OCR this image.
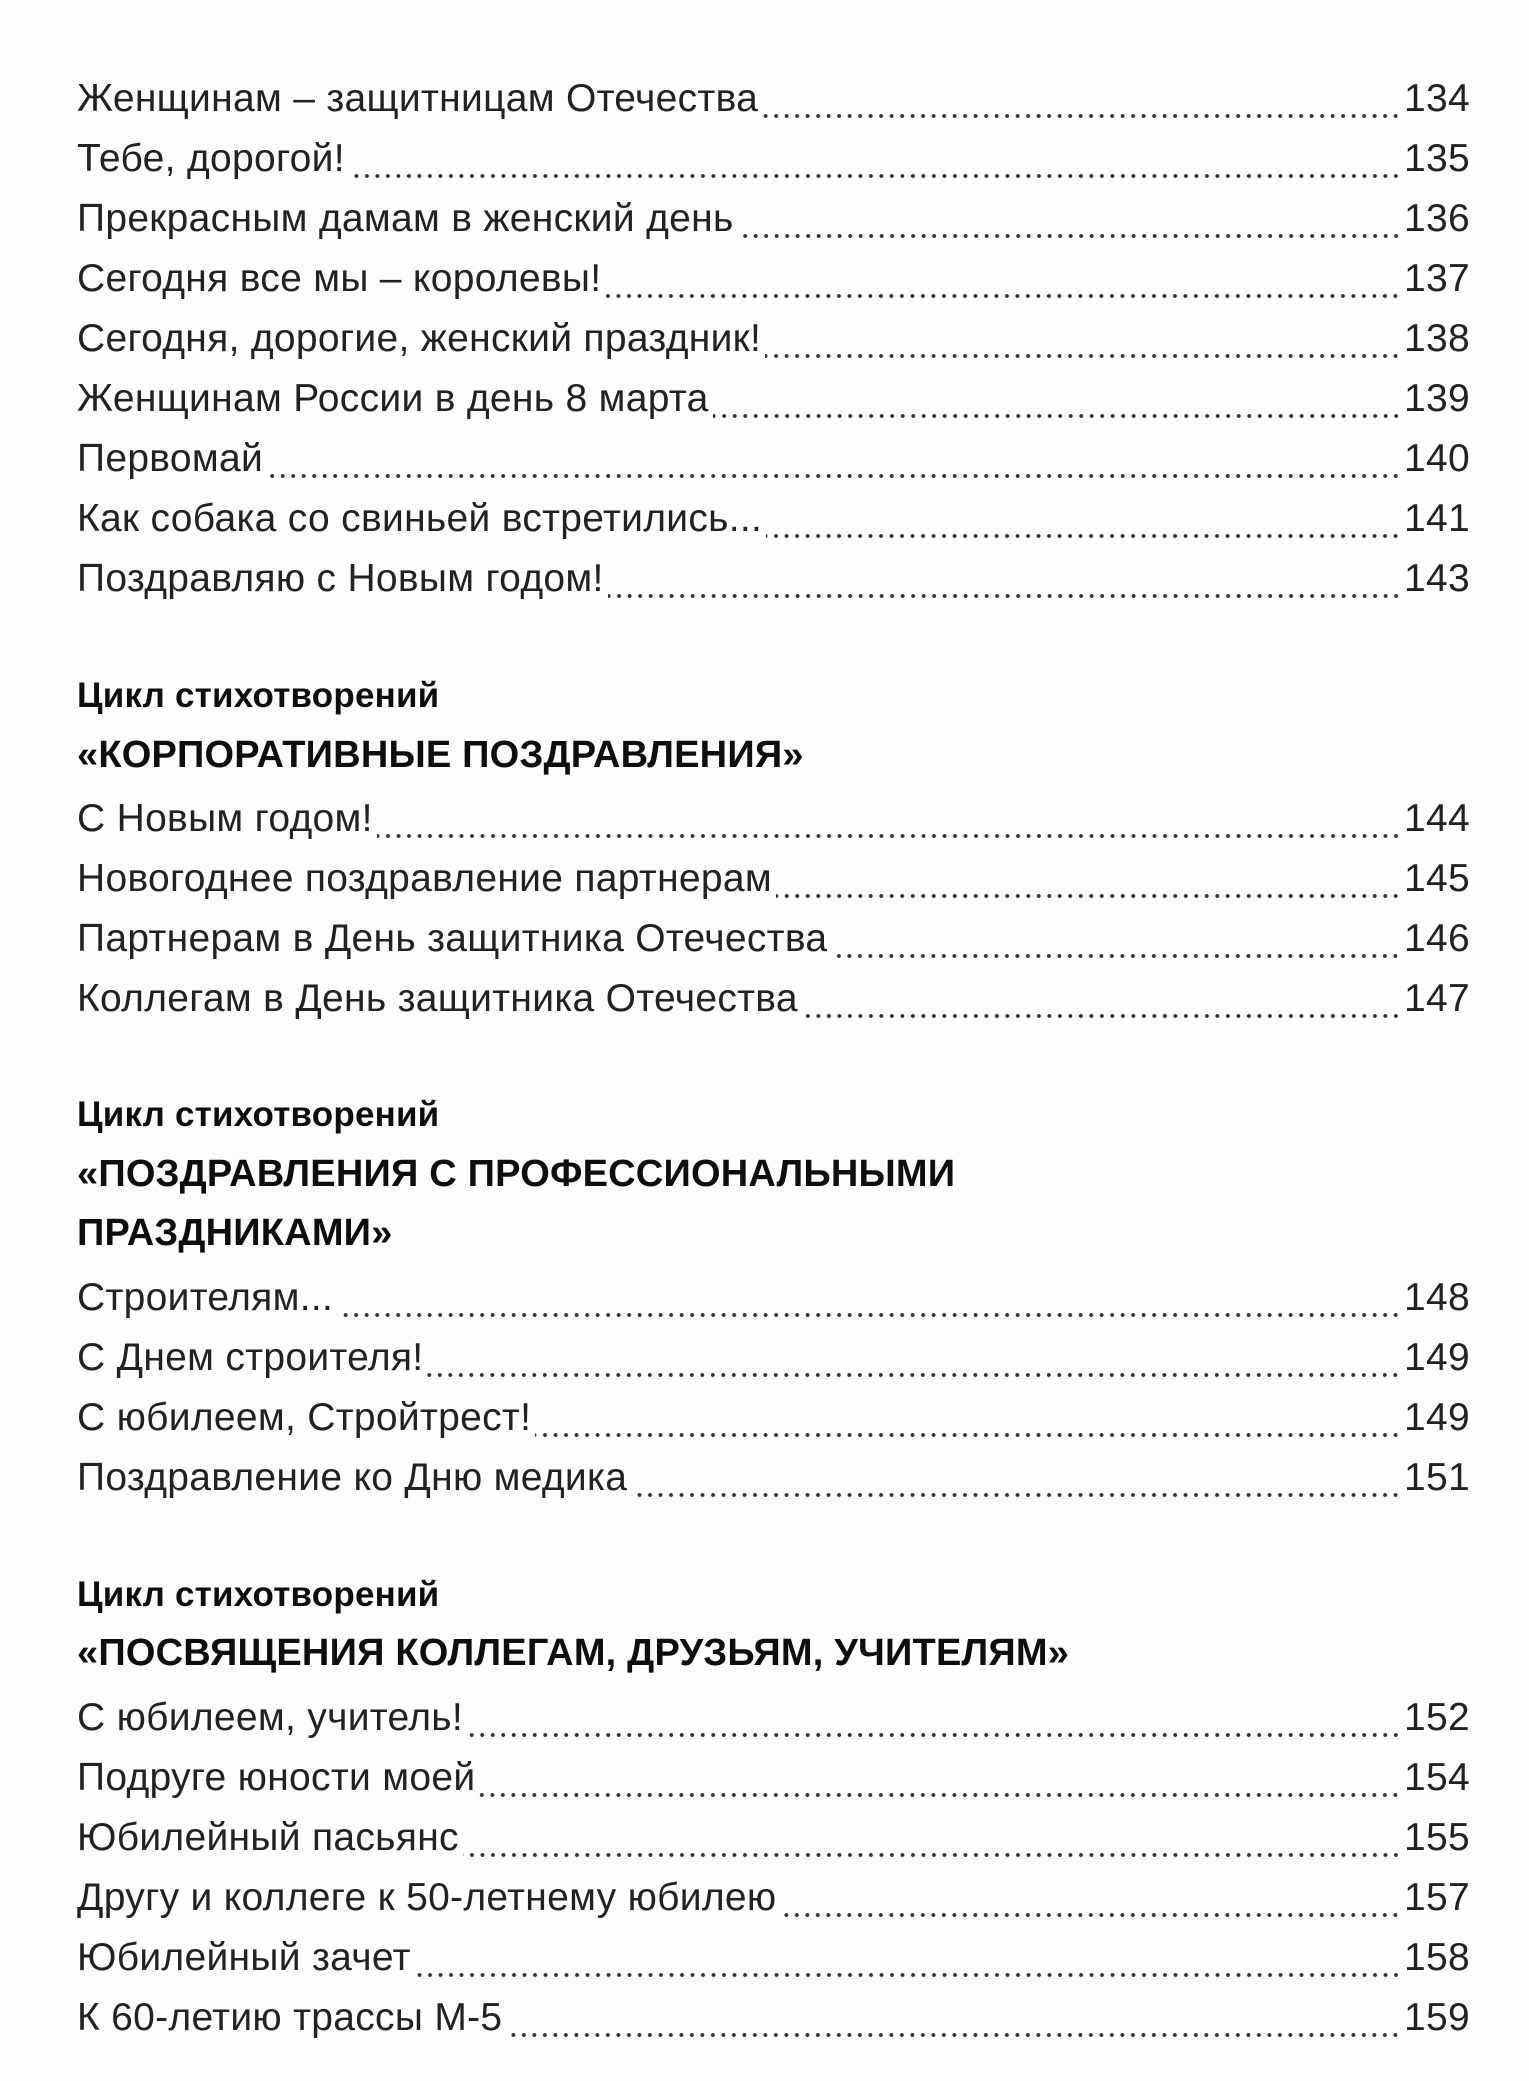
Женщинам – защитницам Отечества	134
Тебе, дорогой!	135
Прекрасным дамам в женский день	136
Сегодня все мы – королевы!	137
Сегодня, дорогие, женский праздник!	138
Женщинам России в день 8 марта	139
Первомай	140
Как собака со свиньей встретились...	141
Поздравляю с Новым годом!	143
Цикл стихотворений
«КОРПОРАТИВНЫЕ ПОЗДРАВЛЕНИЯ»
С Новым годом!	144
Новогоднее поздравление партнерам	145
Партнерам в День защитника Отечества	146
Коллегам в День защитника Отечества	147
Цикл стихотворений
«ПОЗДРАВЛЕНИЯ С ПРОФЕССИОНАЛЬНЫМИ
ПРАЗДНИКАМИ»
Строителям...	148
С Днем строителя!	149
С юбилеем, Стройтрест!	149
Поздравление ко Дню медика	151
Цикл стихотворений
«ПОСВЯЩЕНИЯ КОЛЛЕГАМ, ДРУЗЬЯМ, УЧИТЕЛЯМ»
С юбилеем, учитель!	152
Подруге юности моей	154
Юбилейный пасьянс	155
Другу и коллеге к 50-летнему юбилею	157
Юбилейный зачет	158
К 60-летию трассы М-5	159
